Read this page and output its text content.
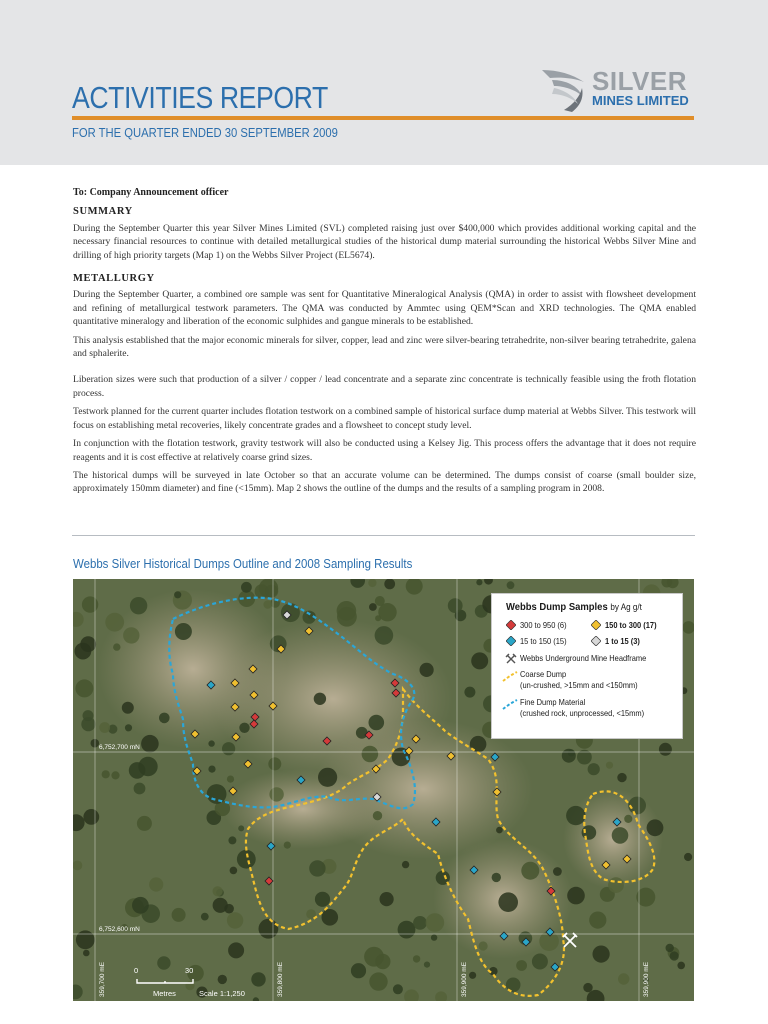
ACTIVITIES REPORT
FOR THE QUARTER ENDED 30 SEPTEMBER 2009
SILVER
MINES LIMITED
To: Company Announcement officer
SUMMARY

During the September Quarter this year Silver Mines Limited (SVL) completed raising just over $400,000 which provides additional working capital and the necessary financial resources to continue with detailed metallurgical studies of the historical dump material surrounding the historical Webbs Silver Mine and drilling of high priority targets (Map 1) on the Webbs Silver Project (EL5674).

METALLURGY

During the September Quarter, a combined ore sample was sent for Quantitative Mineralogical Analysis (QMA) in order to assist with flowsheet development and refining of metallurgical testwork parameters. The QMA was conducted by Ammtec using QEM*Scan and XRD technologies. The QMA enabled quantitative mineralogy and liberation of the economic sulphides and gangue minerals to be established.

This analysis established that the major economic minerals for silver, copper, lead and zinc were silver-bearing tetrahedrite, non-silver bearing tetrahedrite, galena and sphalerite.

Liberation sizes were such that production of a silver / copper / lead concentrate and a separate zinc concentrate is technically feasible using the froth flotation process.

Testwork planned for the current quarter includes flotation testwork on a combined sample of historical surface dump material at Webbs Silver. This testwork will focus on establishing metal recoveries, likely concentrate grades and a flowsheet to concept study level.

In conjunction with the flotation testwork, gravity testwork will also be conducted using a Kelsey Jig. This process offers the advantage that it does not require reagents and it is cost effective at relatively coarse grind sizes.

The historical dumps will be surveyed in late October so that an accurate volume can be determined. The dumps consist of coarse (small boulder size, approximately 150mm diameter) and fine (<15mm). Map 2 shows the outline of the dumps and the results of a sampling program in 2008.

Webbs Silver Historical Dumps Outline and 2008 Sampling Results
6,752,700 mN
6,752,600 mN
359,700 mE	359,800 mE	359,900 mE	359,900 mE
0	30
Metres	Scale 1:1,250
Webbs Dump Samples by Ag g/t
300 to 950 (6)	150 to 300 (17)
15 to 150 (15)	1 to 15 (3)
Webbs Underground Mine Headframe
Coarse Dump
(un-crushed, >15mm and <150mm)
Fine Dump Material
(crushed rock, unprocessed, <15mm)
